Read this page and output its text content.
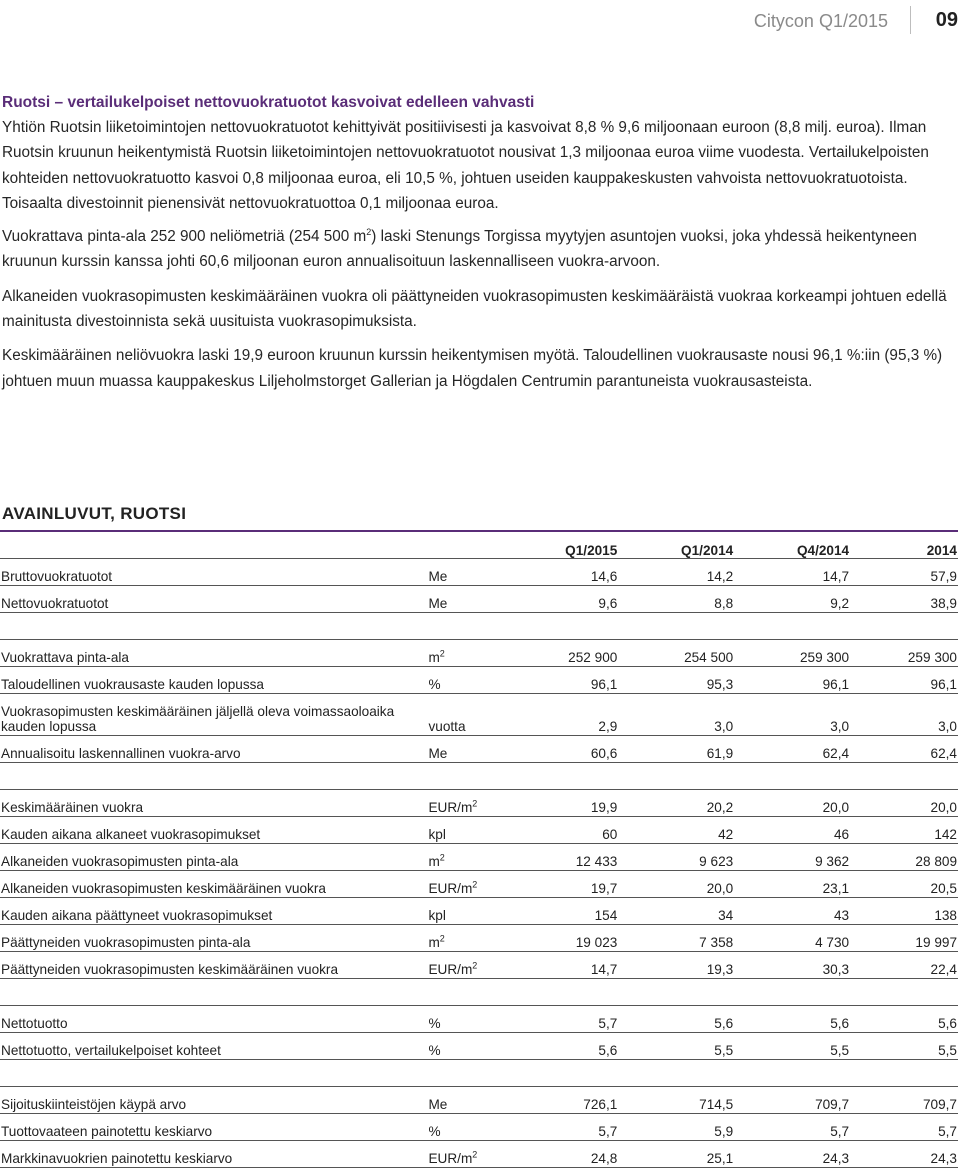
Citycon Q1/2015 09
Ruotsi – vertailukelpoiset nettovuokratuotot kasvoivat edelleen vahvasti

Yhtiön Ruotsin liiketoimintojen nettovuokratuotot kehittyivät positiivisesti ja kasvoivat 8,8 % 9,6 miljoonaan euroon (8,8 milj. euroa). Ilman Ruotsin kruunun heikentymistä Ruotsin liiketoimintojen nettovuokratuotot nousivat 1,3 miljoonaa euroa viime vuodesta. Vertailukelpoisten kohteiden nettovuokratuotto kasvoi 0,8 miljoonaa euroa, eli 10,5 %, johtuen useiden kauppakeskusten vahvoista nettovuokratuotoista. Toisaalta divestoinnit pienensivät nettovuokratuottoa 0,1 miljoonaa euroa.

Vuokrattava pinta-ala 252 900 neliömetriä (254 500 $m^2$) laski Stenungs Torgissa myytyjen asuntojen vuoksi, joka yhdessä heikentyneen kruunun kurssin kanssa johti 60,6 miljoonan euron annualisoituun laskennalliseen vuokra-arvoon.

Alkaneiden vuokrasopimusten keskimääräinen vuokra oli päättyneiden vuokrasopimusten keskimääräistä vuokraa korkeampi johtuen edellä mainitusta divestoinnista sekä uusituista vuokrasopimuksista.

Keskimääräinen neliövuokra laski 19,9 euroon kruunun kurssin heikentymisen myötä. Taloudellinen vuokrausaste nousi 96,1 %:iin (95,3 %) johtuen muun muassa kauppakeskus Liljeholmstorget Gallerian ja Högdalen Centrumin parantuneista vuokrausasteista.

AVAINLUVUT, RUOTSI
		Q1/2015	Q1/2014	Q4/2014	2014
Bruttovuokratuotot	Me	14,6	14,2	14,7	57,9
Nettovuokratuotot	Me	9,6	8,8	9,2	38,9

Vuokrattava pinta-ala	$m^2$	252 900	254 500	259 300	259 300
Taloudellinen vuokrausaste kauden lopussa	%	96,1	95,3	96,1	96,1
Vuokrasopimusten keskimääräinen jäljellä oleva voimassaoloaika kauden lopussa	vuotta	2,9	3,0	3,0	3,0
Annualisoitu laskennallinen vuokra-arvo	Me	60,6	61,9	62,4	62,4

Keskimääräinen vuokra	EUR/$m^2$	19,9	20,2	20,0	20,0
Kauden aikana alkaneet vuokrasopimukset	kpl	60	42	46	142
Alkaneiden vuokrasopimusten pinta-ala	$m^2$	12 433	9 623	9 362	28 809
Alkaneiden vuokrasopimusten keskimääräinen vuokra	EUR/$m^2$	19,7	20,0	23,1	20,5
Kauden aikana päättyneet vuokrasopimukset	kpl	154	34	43	138
Päättyneiden vuokrasopimusten pinta-ala	$m^2$	19 023	7 358	4 730	19 997
Päättyneiden vuokrasopimusten keskimääräinen vuokra	EUR/$m^2$	14,7	19,3	30,3	22,4

Nettotuotto	%	5,7	5,6	5,6	5,6
Nettotuotto, vertailukelpoiset kohteet	%	5,6	5,5	5,5	5,5

Sijoituskiinteistöjen käypä arvo	Me	726,1	714,5	709,7	709,7
Tuottovaateen painotettu keskiarvo	%	5,7	5,9	5,7	5,7
Markkinavuokrien painotettu keskiarvo	EUR/$m^2$	24,8	25,1	24,3	24,3
